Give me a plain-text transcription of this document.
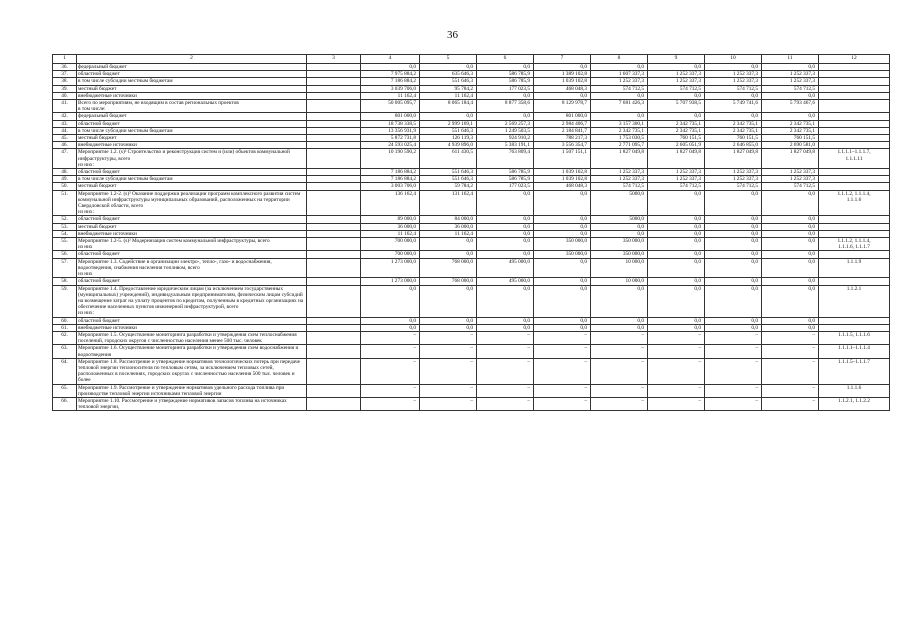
36
1	2	3	4	5	6	7	8	9	10	11	12
36.	федеральный бюджет		0,0	0,0	0,0	0,0	0,0	0,0	0,0	0,0	
37.	областной бюджет		7 975 884,2	635 646,3	586 785,9	1 389 102,8	1 607 337,3	1 252 337,3	1 252 337,3	1 252 337,3	
38.	в том числе субсидии местным бюджетам		7 186 884,2	551 646,3	586 785,9	1 039 102,8	1 252 337,3	1 252 337,3	1 252 337,3	1 252 337,3	
39.	местный бюджет		3 039 706,0	95 784,2	177 023,5	468 048,3	574 712,5	574 712,5	574 712,5	574 712,5	
40.	внебюджетные источники		11 162,4	11 162,4	0,0	0,0	0,0	0,0	0,0	0,0	
41.	Всего по мероприятиям, не входящим в состав региональных проектов
в том числе:		50 005 095,7	8 065 184,4	8 877 358,6	8 129 978,7	7 681 426,3	5 707 938,5	5 749 741,6	5 793 467,6	
42.	федеральный бюджет		801 000,0	0,0	0,0	801 000,0	0,0	0,0	0,0	0,0	
43.	областной бюджет		18 738 338,5	2 999 169,1	2 569 257,3	2 984 406,7	3 157 300,1	2 342 735,1	2 342 735,1	2 342 735,1	
44.	в том числе субсидии местным бюджетам		13 356 931,9	551 646,3	1 249 503,5	2 184 841,7	2 342 735,1	2 342 735,1	2 342 735,1	2 342 735,1	
45.	местный бюджет		5 872 731,8	126 119,3	924 910,2	788 217,3	1 753 030,5	760 151,5	760 151,5	760 151,5	
46.	внебюджетные источники		24 593 025,4	4 939 896,0	5 383 191,1	3 556 354,7	2 771 095,7	2 605 051,9	2 646 855,0	2 690 581,0	
47.	Мероприятие 1.2. (s)² Строительство и реконструкция систем и (или) объектов коммунальной инфраструктуры, всего
из них:		10 190 590,2	611 430,5	763 809,4	1 507 151,1	1 827 049,8	1 827 049,8	1 827 049,8	1 827 049,8	1.1.1.1–1.1.1.7,
1.1.1.11
48.	областной бюджет		7 186 884,2	551 646,3	586 785,9	1 039 102,8	1 252 337,3	1 252 337,3	1 252 337,3	1 252 337,3	
49.	в том числе субсидии местным бюджетам		7 186 884,2	551 646,3	586 785,9	1 039 102,8	1 252 337,3	1 252 337,3	1 252 337,3	1 252 337,3	
50.	местный бюджет		3 003 706,0	59 784,2	177 023,5	468 048,3	574 712,5	574 712,5	574 712,5	574 712,5	
51.	Мероприятие 1.2-2. (s)² Оказание поддержки реализации программ комплексного развития систем коммунальной инфраструктуры муниципальных образований, расположенных на территории Свердловской области, всего
из них:		136 162,4	131 162,4	0,0	0,0	5000,0	0,0	0,0	0,0	1.1.1.2, 1.1.1.4,
1.1.1.6
52.	областной бюджет		89 000,0	84 000,0	0,0	0,0	5000,0	0,0	0,0	0,0	
53.	местный бюджет		36 000,0	36 000,0	0,0	0,0	0,0	0,0	0,0	0,0	
54.	внебюджетные источники		11 162,4	11 162,4	0,0	0,0	0,0	0,0	0,0	0,0	
55.	Мероприятие 1.2-5. (s)² Модернизация систем коммунальной инфраструктуры, всего
из них		700 000,0	0,0	0,0	350 000,0	350 000,0	0,0	0,0	0,0	1.1.1.2, 1.1.1.4,
1.1.1.6, 1.1.1.7
56.	областной бюджет		700 000,0	0,0	0,0	350 000,0	350 000,0	0,0	0,0	0,0	
57.	Мероприятие 1.3. Содействие в организации электро-, тепло-, газо- и водоснабжения, водоотведения, снабжения населения топливом, всего
из них		1 273 000,0	768 000,0	495 000,0	0,0	10 000,0	0,0	0,0	0,0	1.1.1.9
58.	областной бюджет		1 273 000,0	768 000,0	495 000,0	0,0	10 000,0	0,0	0,0	0,0	
59.	Мероприятие 1.4. Предоставление юридическим лицам (за исключением государственных (муниципальных) учреждений), индивидуальным предпринимателям, физическим лицам субсидий на возмещение затрат на уплату процентов по кредитам, полученным в кредитных организациях на обеспечение населенных пунктов инженерной инфраструктурой, всего
из них:		0,0	0,0	0,0	0,0	0,0	0,0	0,0	0,0	1.1.2.1
60.	областной бюджет		0,0	0,0	0,0	0,0	0,0	0,0	0,0	0,0	
61.	внебюджетные источники		0,0	0,0	0,0	0,0	0,0	0,0	0,0	0,0	
62.	Мероприятие 1.5. Осуществление мониторинга разработки и утверждения схем теплоснабжения поселений, городских округов с численностью населения менее 500 тыс. человек		–	–	–	–	–	–	–	–	1.1.1.5, 1.1.1.6
63.	Мероприятие 1.6. Осуществление мониторинга разработки и утверждения схем водоснабжения и водоотведения		–	–	–	–	–	–	–	–	1.1.1.1–1.1.1.4
64.	Мероприятие 1.8. Рассмотрение и утверждение нормативов технологических потерь при передаче тепловой энергии теплоносителя по тепловым сетям, за исключением тепловых сетей, расположенных в поселениях, городских округах с численностью населения 500 тыс. человек и более		–	–	–	–	–	–	–	–	1.1.1.5–1.1.1.7
65.	Мероприятие 1.9. Рассмотрение и утверждение нормативов удельного расхода топлива при производстве тепловой энергии источниками тепловой энергии		–	–	–	–	–	–	–	–	1.1.1.6
66.	Мероприятие 1.10. Рассмотрение и утверждение нормативов запасов топлива на источниках тепловой энергии,		–	–	–	–	–	–	–	–	1.1.2.1, 1.1.2.2
